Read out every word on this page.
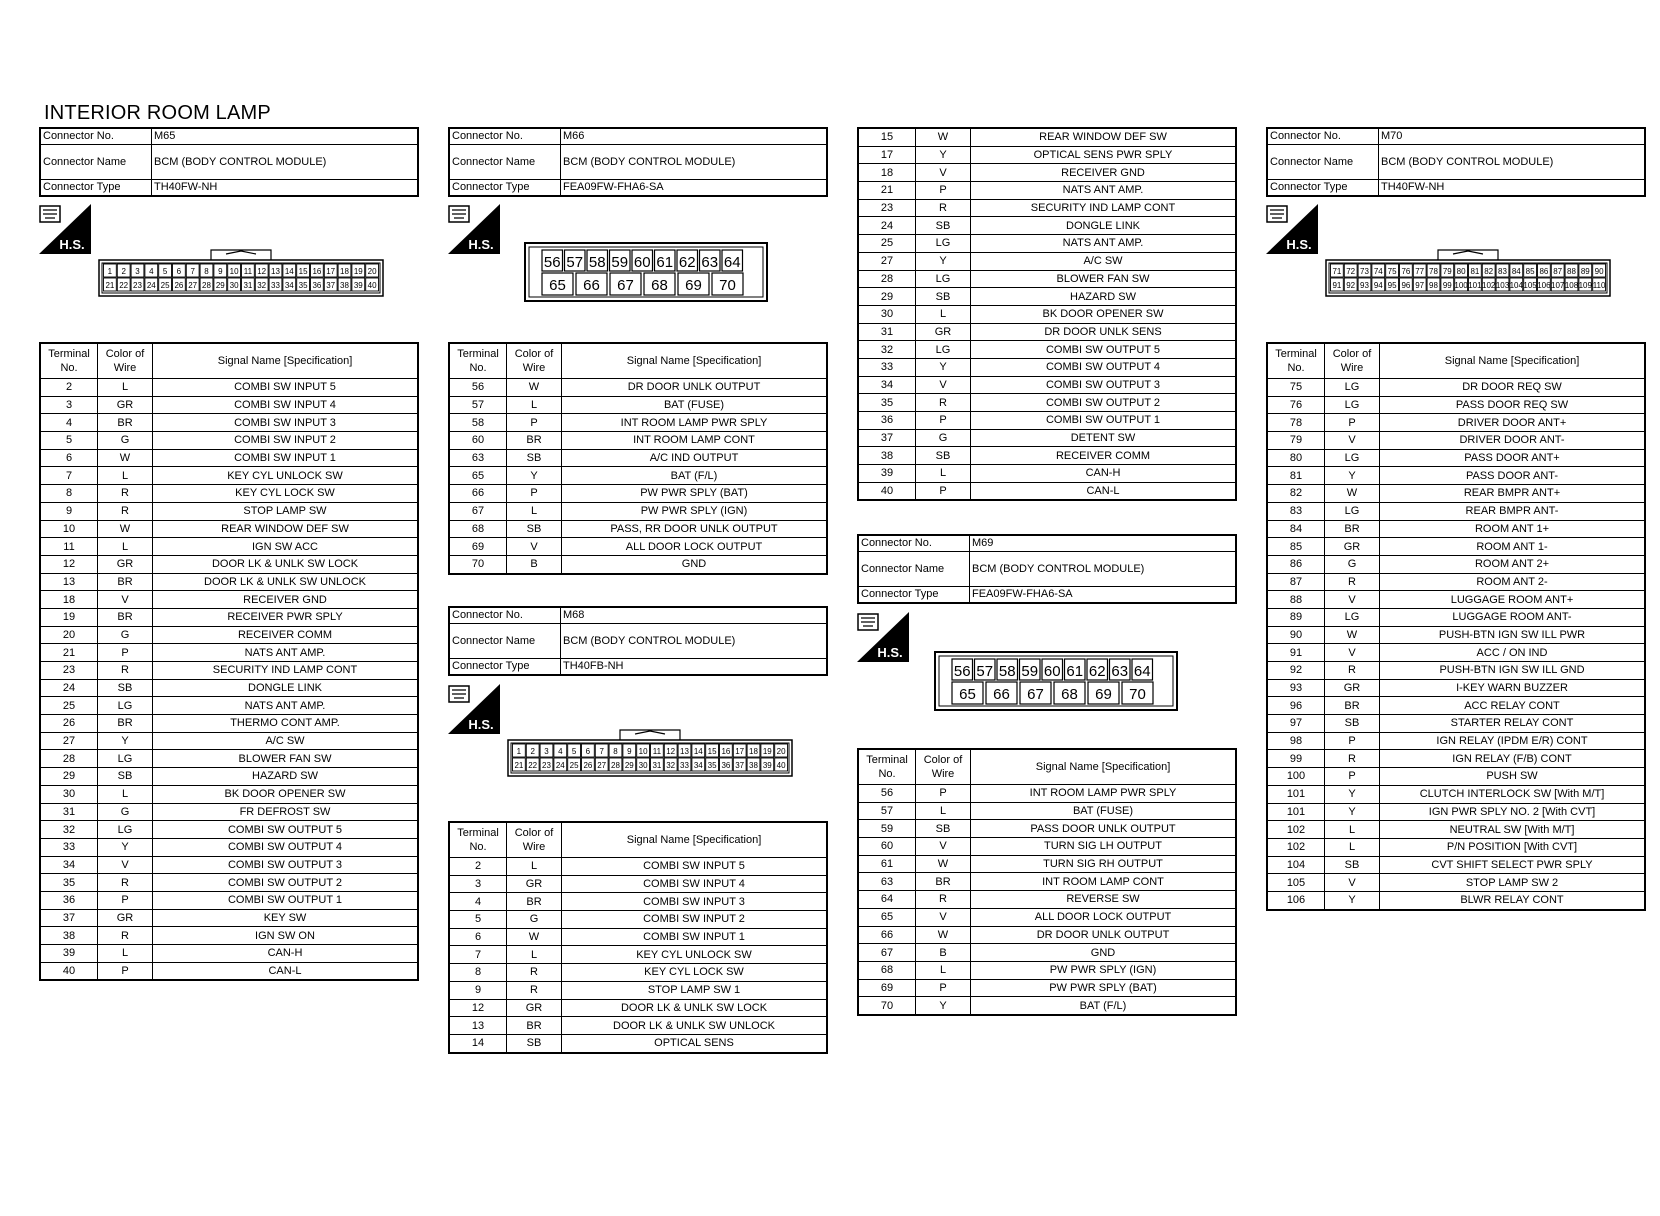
INTERIOR ROOM LAMP
Connector No.	M65
Connector Name	BCM (BODY CONTROL MODULE)
Connector Type	TH40FW-NH
H.S.
1 2 3 4 5 6 7 8 9 10 11 12 13 14 15 16 17 18 19 20
21 22 23 24 25 26 27 28 29 30 31 32 33 34 35 36 37 38 39 40
Terminal No.	Color of Wire	Signal Name [Specification]
2	L	COMBI SW INPUT 5
3	GR	COMBI SW INPUT 4
4	BR	COMBI SW INPUT 3
5	G	COMBI SW INPUT 2
6	W	COMBI SW INPUT 1
7	L	KEY CYL UNLOCK SW
8	R	KEY CYL LOCK SW
9	R	STOP LAMP SW
10	W	REAR WINDOW DEF SW
11	L	IGN SW ACC
12	GR	DOOR LK & UNLK SW LOCK
13	BR	DOOR LK & UNLK SW UNLOCK
18	V	RECEIVER GND
19	BR	RECEIVER PWR SPLY
20	G	RECEIVER COMM
21	P	NATS ANT AMP.
23	R	SECURITY IND LAMP CONT
24	SB	DONGLE LINK
25	LG	NATS ANT AMP.
26	BR	THERMO CONT AMP.
27	Y	A/C SW
28	LG	BLOWER FAN SW
29	SB	HAZARD SW
30	L	BK DOOR OPENER SW
31	G	FR DEFROST SW
32	LG	COMBI SW OUTPUT 5
33	Y	COMBI SW OUTPUT 4
34	V	COMBI SW OUTPUT 3
35	R	COMBI SW OUTPUT 2
36	P	COMBI SW OUTPUT 1
37	GR	KEY SW
38	R	IGN SW ON
39	L	CAN-H
40	P	CAN-L
Connector No.	M66
Connector Name	BCM (BODY CONTROL MODULE)
Connector Type	FEA09FW-FHA6-SA
H.S.
56 57 58 59 60 61 62 63 64
65 66 67 68 69 70
Terminal No.	Color of Wire	Signal Name [Specification]
56	W	DR DOOR UNLK OUTPUT
57	L	BAT (FUSE)
58	P	INT ROOM LAMP PWR SPLY
60	BR	INT ROOM LAMP CONT
63	SB	A/C IND OUTPUT
65	Y	BAT (F/L)
66	P	PW PWR SPLY (BAT)
67	L	PW PWR SPLY (IGN)
68	SB	PASS, RR DOOR UNLK OUTPUT
69	V	ALL DOOR LOCK OUTPUT
70	B	GND
Connector No.	M68
Connector Name	BCM (BODY CONTROL MODULE)
Connector Type	TH40FB-NH
H.S.
1 2 3 4 5 6 7 8 9 10 11 12 13 14 15 16 17 18 19 20
21 22 23 24 25 26 27 28 29 30 31 32 33 34 35 36 37 38 39 40
Terminal No.	Color of Wire	Signal Name [Specification]
2	L	COMBI SW INPUT 5
3	GR	COMBI SW INPUT 4
4	BR	COMBI SW INPUT 3
5	G	COMBI SW INPUT 2
6	W	COMBI SW INPUT 1
7	L	KEY CYL UNLOCK SW
8	R	KEY CYL LOCK SW
9	R	STOP LAMP SW 1
12	GR	DOOR LK & UNLK SW LOCK
13	BR	DOOR LK & UNLK SW UNLOCK
14	SB	OPTICAL SENS
15	W	REAR WINDOW DEF SW
17	Y	OPTICAL SENS PWR SPLY
18	V	RECEIVER GND
21	P	NATS ANT AMP.
23	R	SECURITY IND LAMP CONT
24	SB	DONGLE LINK
25	LG	NATS ANT AMP.
27	Y	A/C SW
28	LG	BLOWER FAN SW
29	SB	HAZARD SW
30	L	BK DOOR OPENER SW
31	GR	DR DOOR UNLK SENS
32	LG	COMBI SW OUTPUT 5
33	Y	COMBI SW OUTPUT 4
34	V	COMBI SW OUTPUT 3
35	R	COMBI SW OUTPUT 2
36	P	COMBI SW OUTPUT 1
37	G	DETENT SW
38	SB	RECEIVER COMM
39	L	CAN-H
40	P	CAN-L
Connector No.	M69
Connector Name	BCM (BODY CONTROL MODULE)
Connector Type	FEA09FW-FHA6-SA
H.S.
56 57 58 59 60 61 62 63 64
65 66 67 68 69 70
Terminal No.	Color of Wire	Signal Name [Specification]
56	P	INT ROOM LAMP PWR SPLY
57	L	BAT (FUSE)
59	SB	PASS DOOR UNLK OUTPUT
60	V	TURN SIG LH OUTPUT
61	W	TURN SIG RH OUTPUT
63	BR	INT ROOM LAMP CONT
64	R	REVERSE SW
65	V	ALL DOOR LOCK OUTPUT
66	W	DR DOOR UNLK OUTPUT
67	B	GND
68	L	PW PWR SPLY (IGN)
69	P	PW PWR SPLY (BAT)
70	Y	BAT (F/L)
Connector No.	M70
Connector Name	BCM (BODY CONTROL MODULE)
Connector Type	TH40FW-NH
H.S.
71 72 73 74 75 76 77 78 79 80 81 82 83 84 85 86 87 88 89 90
91 92 93 94 95 96 97 98 99 100 101 102 103 104 105 106 107 108 109 110
Terminal No.	Color of Wire	Signal Name [Specification]
75	LG	DR DOOR REQ SW
76	LG	PASS DOOR REQ SW
78	P	DRIVER DOOR ANT+
79	V	DRIVER DOOR ANT-
80	LG	PASS DOOR ANT+
81	Y	PASS DOOR ANT-
82	W	REAR BMPR ANT+
83	LG	REAR BMPR ANT-
84	BR	ROOM ANT 1+
85	GR	ROOM ANT 1-
86	G	ROOM ANT 2+
87	R	ROOM ANT 2-
88	V	LUGGAGE ROOM ANT+
89	LG	LUGGAGE ROOM ANT-
90	W	PUSH-BTN IGN SW ILL PWR
91	V	ACC / ON IND
92	R	PUSH-BTN IGN SW ILL GND
93	GR	I-KEY WARN BUZZER
96	BR	ACC RELAY CONT
97	SB	STARTER RELAY CONT
98	P	IGN RELAY (IPDM E/R) CONT
99	R	IGN RELAY (F/B) CONT
100	P	PUSH SW
101	Y	CLUTCH INTERLOCK SW [With M/T]
101	Y	IGN PWR SPLY NO. 2 [With CVT]
102	L	NEUTRAL SW [With M/T]
102	L	P/N POSITION [With CVT]
104	SB	CVT SHIFT SELECT PWR SPLY
105	V	STOP LAMP SW 2
106	Y	BLWR RELAY CONT
